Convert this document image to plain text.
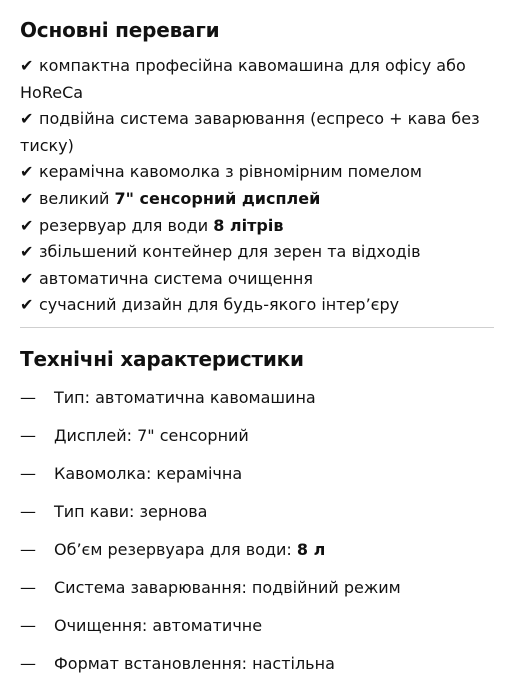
Основні переваги
✔ компактна професійна кавомашина для офісу або HoReCa
✔ подвійна система заварювання (еспресо + кава без тиску)
✔ керамічна кавомолка з рівномірним помелом
✔ великий 7" сенсорний дисплей
✔ резервуар для води 8 літрів
✔ збільшений контейнер для зерен та відходів
✔ автоматична система очищення
✔ сучасний дизайн для будь-якого інтер’єру
Технічні характеристики
— Тип: автоматична кавомашина
— Дисплей: 7" сенсорний
— Кавомолка: керамічна
— Тип кави: зернова
— Об’єм резервуара для води: 8 л
— Система заварювання: подвійний режим
— Очищення: автоматичне
— Формат встановлення: настільна
